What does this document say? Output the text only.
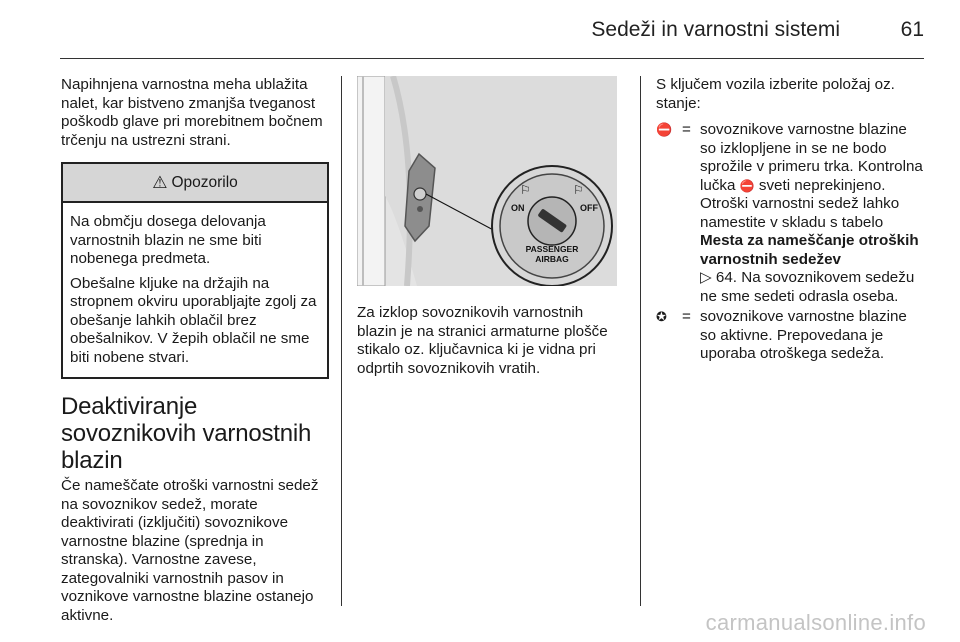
Sedeži in varnostni sistemi	61

Napihnjena varnostna meha ublažita nalet, kar bistveno zmanjša tveganost poškodb glave pri morebitnem bočnem trčenju na ustrezni strani.

⚠ Opozorilo

Na obmčju dosega delovanja varnostnih blazin ne sme biti nobenega predmeta.

Obešalne kljuke na držajih na stropnem okviru uporabljajte zgolj za obešanje lahkih oblačil brez obešalnikov. V žepih oblačil ne sme biti nobene stvari.

Deaktiviranje sovoznikovih varnostnih blazin

Če nameščate otroški varnostni sedež na sovoznikov sedež, morate deaktivirati (izključiti) sovoznikove varnostne blazine (sprednja in stranska). Varnostne zavese, zategovalniki varnostnih pasov in voznikove varnostne blazine ostanejo aktivne.

⚐	⚐
ON	OFF
PASSENGER
AIRBAG

Za izklop sovoznikovih varnostnih blazin je na stranici armaturne plošče stikalo oz. ključavnica ki je vidna pri odprtih sovoznikovih vratih.

S ključem vozila izberite položaj oz. stanje:

⛔ = sovoznikove varnostne blazine so izklopljene in se ne bodo sprožile v primeru trka. Kontrolna lučka ⛔ sveti neprekinjeno. Otroški varnostni sedež lahko namestite v skladu s tabelo Mesta za nameščanje otroških varnostnih sedežev
▷ 64. Na sovoznikovem sedežu ne sme sedeti odrasla oseba.
✪ = sovoznikove varnostne blazine so aktivne. Prepovedana je uporaba otroškega sedeža.
carmanualsonline.info
